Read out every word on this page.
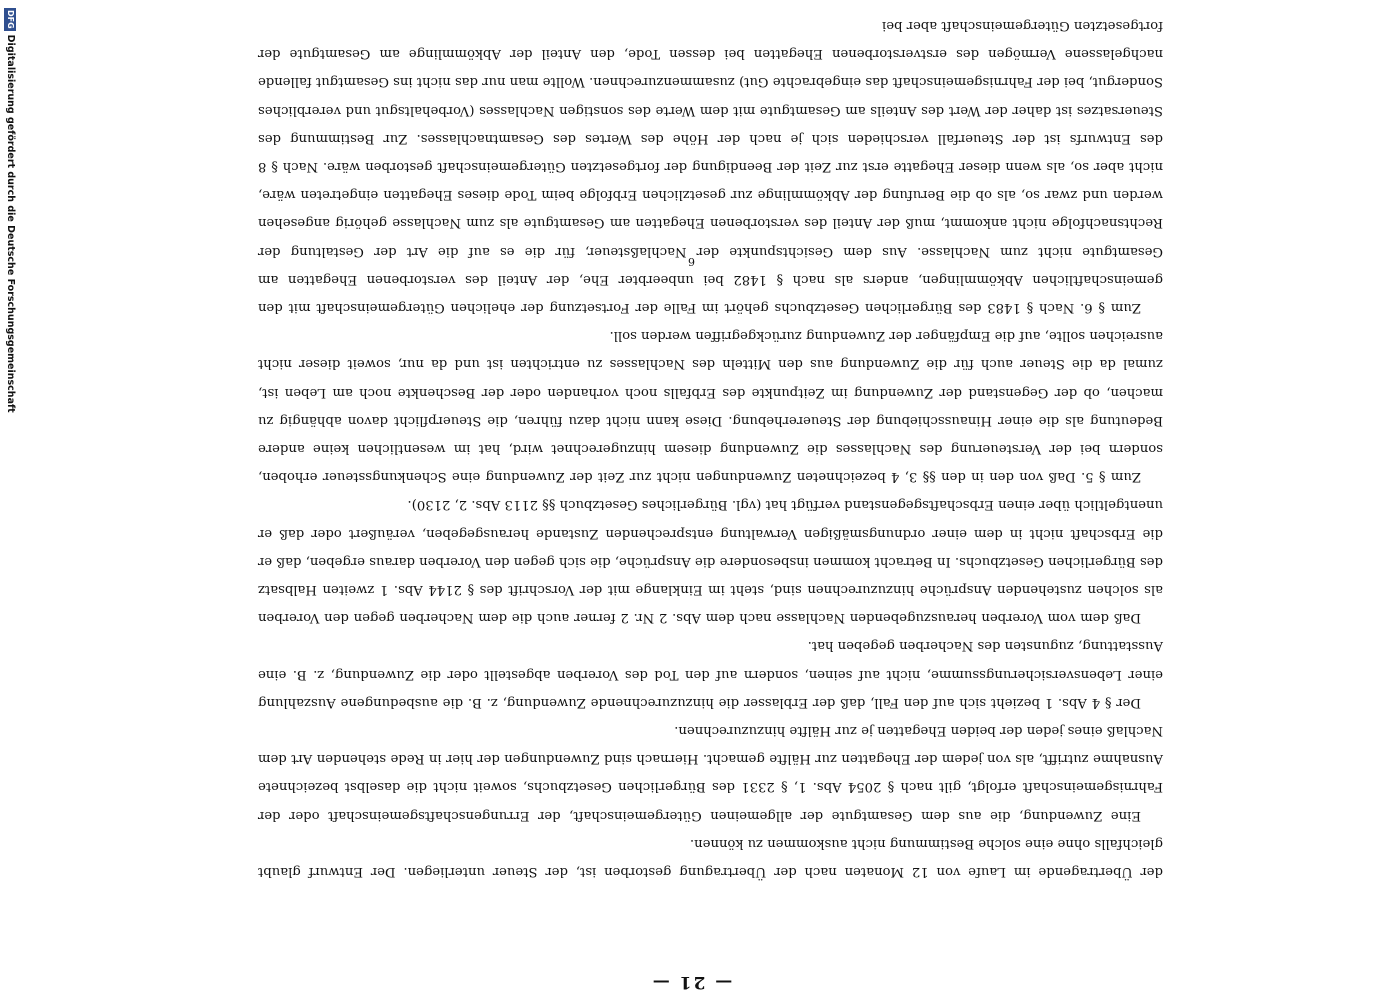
— 21 —

der Übertragende im Laufe von 12 Monaten nach der Übertragung gestorben ist, der Steuer unterliegen. Der Entwurf glaubt gleichfalls ohne eine solche Bestimmung nicht auskommen zu können.

Eine Zuwendung, die aus dem Gesamtgute der allgemeinen Gütergemeinschaft, der Errungenschaftsgemeinschaft oder der Fahrnisgemeinschaft erfolgt, gilt nach § 2054 Abs. 1, § 2331 des Bürgerlichen Gesetzbuchs, soweit nicht die daselbst bezeichnete Ausnahme zutrifft, als von jedem der Ehegatten zur Hälfte gemacht. Hiernach sind Zuwendungen der hier in Rede stehenden Art dem Nachlaß eines jeden der beiden Ehegatten je zur Hälfte hinzuzurechnen.

Der § 4 Abs. 1 bezieht sich auf den Fall, daß der Erblasser die hinzuzurechnende Zuwendung, z. B. die ausbedungene Auszahlung einer Lebensversicherungssumme, nicht auf seinen, sondern auf den Tod des Vorerben abgestellt oder die Zuwendung, z. B. eine Ausstattung, zugunsten des Nacherben gegeben hat.

Daß dem vom Vorerben herauszugebenden Nachlasse nach dem Abs. 2 Nr. 2 ferner auch die dem Nacherben gegen den Vorerben als solchen zustehenden Ansprüche hinzuzurechnen sind, steht im Einklange mit der Vorschrift des § 2144 Abs. 1 zweiten Halbsatz des Bürgerlichen Gesetzbuchs. In Betracht kommen insbesondere die Ansprüche, die sich gegen den Vorerben daraus ergeben, daß er die Erbschaft nicht in dem einer ordnungsmäßigen Verwaltung entsprechenden Zustande herausgegeben, veräußert oder daß er unentgeltlich über einen Erbschaftsgegenstand verfügt hat (vgl. Bürgerliches Gesetzbuch §§ 2113 Abs. 2, 2130).

Zum § 5. Daß von den in den §§ 3, 4 bezeichneten Zuwendungen nicht zur Zeit der Zuwendung eine Schenkungssteuer erhoben, sondern bei der Versteuerung des Nachlasses die Zuwendung diesem hinzugerechnet wird, hat im wesentlichen keine andere Bedeutung als die einer Hinausschiebung der Steuererhebung. Diese kann nicht dazu führen, die Steuerpflicht davon abhängig zu machen, ob der Gegenstand der Zuwendung im Zeitpunkte des Erbfalls noch vorhanden oder der Beschenkte noch am Leben ist, zumal da die Steuer auch für die Zuwendung aus den Mitteln des Nachlasses zu entrichten ist und da nur, soweit dieser nicht ausreichen sollte, auf die Empfänger der Zuwendung zurückgegriffen werden soll.

Zum § 6. Nach § 1483 des Bürgerlichen Gesetzbuchs gehört im Falle der Fortsetzung der ehelichen Gütergemeinschaft mit den gemeinschaftlichen Abkömmlingen, anders als nach § 1482 bei unbeerbter Ehe, der Anteil des verstorbenen Ehegatten am Gesamtgute nicht zum Nachlasse. Aus dem Gesichtspunkte der Nachlaßsteuer, für die es auf die Art der Gestaltung der Rechtsnachfolge nicht ankommt, muß der Anteil des verstorbenen Ehegatten am Gesamtgute als zum Nachlasse gehörig angesehen werden und zwar so, als ob die Berufung der Abkömmlinge zur gesetzlichen Erbfolge beim Tode dieses Ehegatten eingetreten wäre, nicht aber so, als wenn dieser Ehegatte erst zur Zeit der Beendigung der fortgesetzten Gütergemeinschaft gestorben wäre. Nach § 8 des Entwurfs ist der Steuerfall verschieden sich je nach der Höhe des Wertes des Gesamtnachlasses. Zur Bestimmung des Steuersatzes ist daher der Wert des Anteils am Gesamtgute mit dem Werte des sonstigen Nachlasses (Vorbehaltsgut und vererbliches Sondergut, bei der Fahrnisgemeinschaft das eingebrachte Gut) zusammenzurechnen. Wollte man nur das nicht ins Gesamtgut fallende nachgelassene Vermögen des erstverstorbenen Ehegatten bei dessen Tode, den Anteil der Abkömmlinge am Gesamtgute der fortgesetzten Gütergemeinschaft aber bei

6
DFG
Digitalisierung gefördert durch die Deutsche Forschungsgemeinschaft
